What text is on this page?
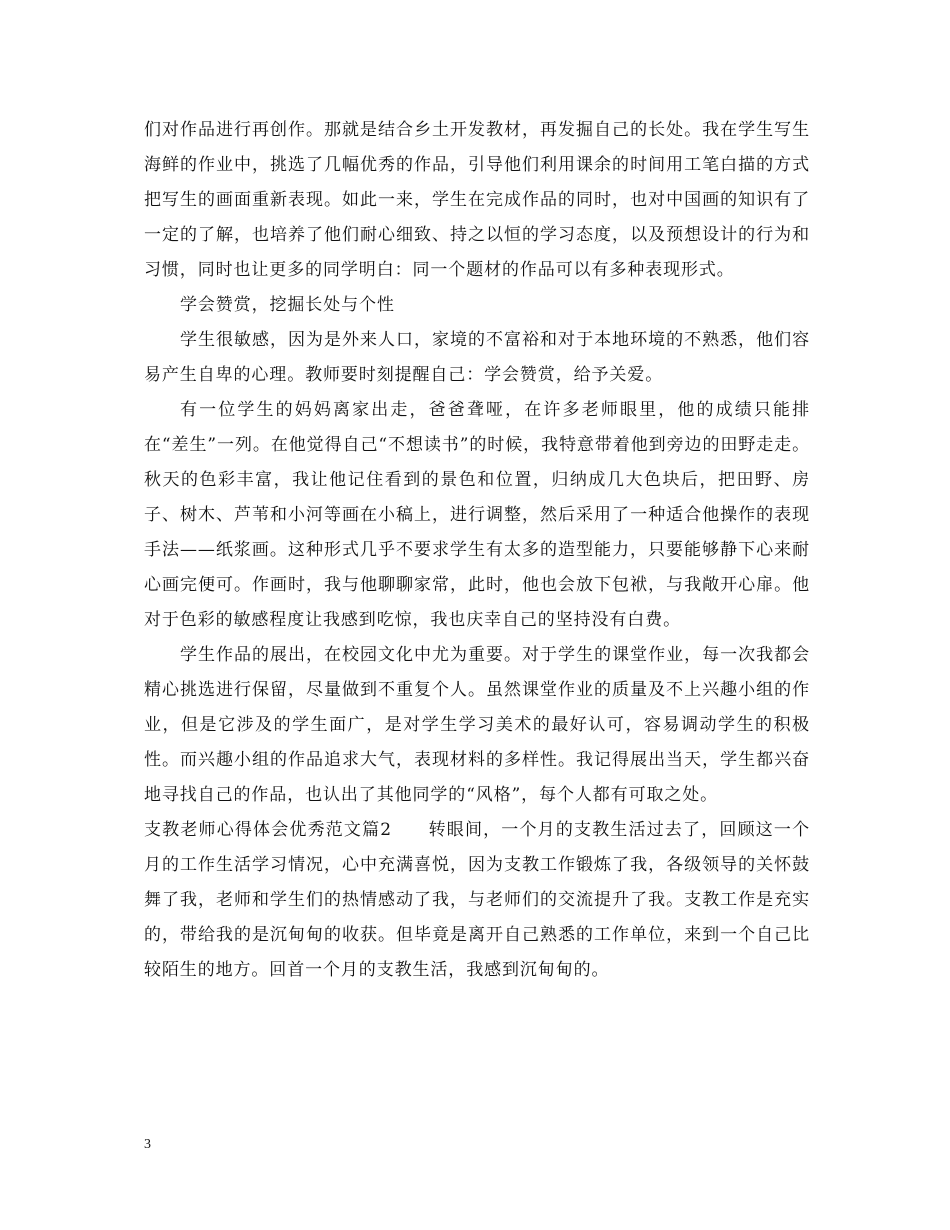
们对作品进行再创作。那就是结合乡土开发教材，再发掘自己的长处。我在学生写生海鲜的作业中，挑选了几幅优秀的作品，引导他们利用课余的时间用工笔白描的方式把写生的画面重新表现。如此一来，学生在完成作品的同时，也对中国画的知识有了一定的了解，也培养了他们耐心细致、持之以恒的学习态度，以及预想设计的行为和习惯，同时也让更多的同学明白：同一个题材的作品可以有多种表现形式。

学会赞赏，挖掘长处与个性

学生很敏感，因为是外来人口，家境的不富裕和对于本地环境的不熟悉，他们容易产生自卑的心理。教师要时刻提醒自己：学会赞赏，给予关爱。

有一位学生的妈妈离家出走，爸爸聋哑，在许多老师眼里，他的成绩只能排在“差生”一列。在他觉得自己“不想读书”的时候，我特意带着他到旁边的田野走走。秋天的色彩丰富，我让他记住看到的景色和位置，归纳成几大色块后，把田野、房子、树木、芦苇和小河等画在小稿上，进行调整，然后采用了一种适合他操作的表现手法——纸浆画。这种形式几乎不要求学生有太多的造型能力，只要能够静下心来耐心画完便可。作画时，我与他聊聊家常，此时，他也会放下包袱，与我敞开心扉。他对于色彩的敏感程度让我感到吃惊，我也庆幸自己的坚持没有白费。

学生作品的展出，在校园文化中尤为重要。对于学生的课堂作业，每一次我都会精心挑选进行保留，尽量做到不重复个人。虽然课堂作业的质量及不上兴趣小组的作业，但是它涉及的学生面广，是对学生学习美术的最好认可，容易调动学生的积极性。而兴趣小组的作品追求大气，表现材料的多样性。我记得展出当天，学生都兴奋地寻找自己的作品，也认出了其他同学的“风格”，每个人都有可取之处。

支教老师心得体会优秀范文篇2　　转眼间，一个月的支教生活过去了，回顾这一个月的工作生活学习情况，心中充满喜悦，因为支教工作锻炼了我，各级领导的关怀鼓舞了我，老师和学生们的热情感动了我，与老师们的交流提升了我。支教工作是充实的，带给我的是沉甸甸的收获。但毕竟是离开自己熟悉的工作单位，来到一个自己比较陌生的地方。回首一个月的支教生活，我感到沉甸甸的。

3
